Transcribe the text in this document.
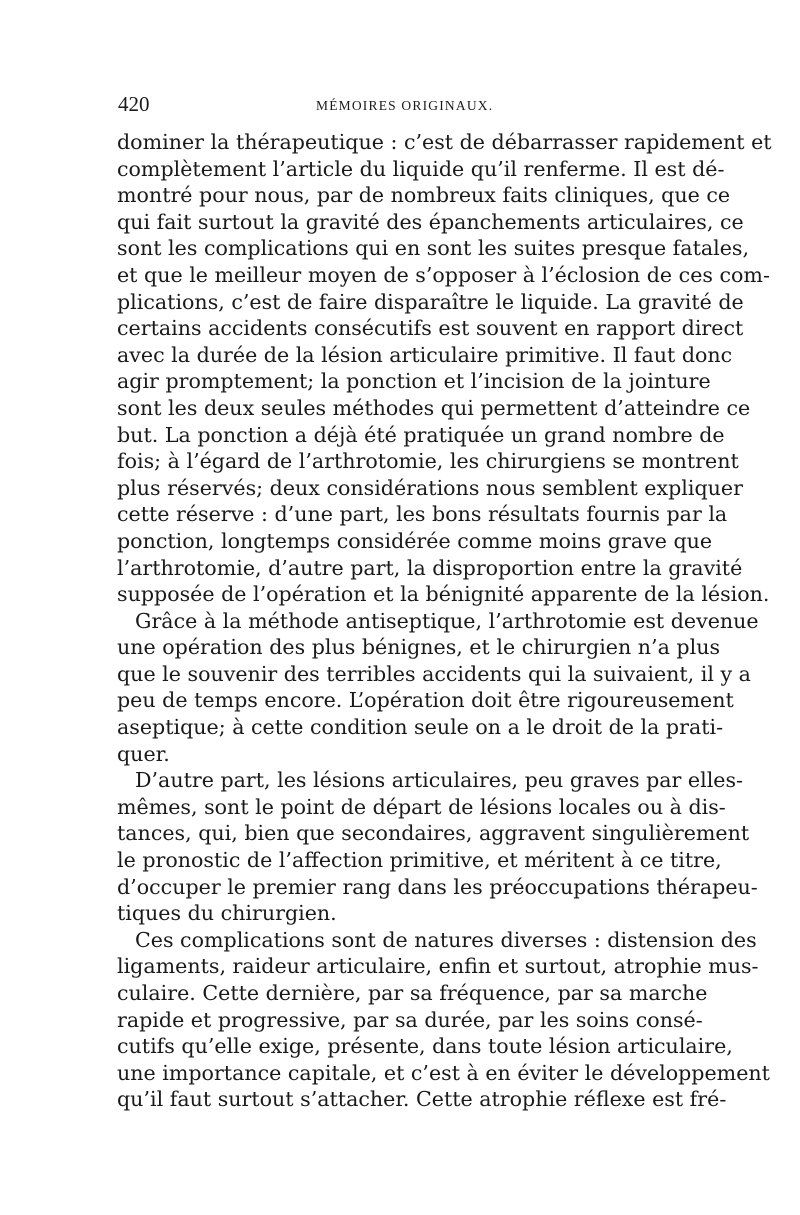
420	MÉMOIRES ORIGINAUX.

dominer la thérapeutique : c’est de débarrasser rapidement et
complètement l’article du liquide qu’il renferme. Il est dé-
montré pour nous, par de nombreux faits cliniques, que ce
qui fait surtout la gravité des épanchements articulaires, ce
sont les complications qui en sont les suites presque fatales,
et que le meilleur moyen de s’opposer à l’éclosion de ces com-
plications, c’est de faire disparaître le liquide. La gravité de
certains accidents consécutifs est souvent en rapport direct
avec la durée de la lésion articulaire primitive. Il faut donc
agir promptement; la ponction et l’incision de la jointure
sont les deux seules méthodes qui permettent d’atteindre ce
but. La ponction a déjà été pratiquée un grand nombre de
fois; à l’égard de l’arthrotomie, les chirurgiens se montrent
plus réservés; deux considérations nous semblent expliquer
cette réserve : d’une part, les bons résultats fournis par la
ponction, longtemps considérée comme moins grave que
l’arthrotomie, d’autre part, la disproportion entre la gravité
supposée de l’opération et la bénignité apparente de la lésion.

Grâce à la méthode antiseptique, l’arthrotomie est devenue
une opération des plus bénignes, et le chirurgien n’a plus
que le souvenir des terribles accidents qui la suivaient, il y a
peu de temps encore. L’opération doit être rigoureusement
aseptique; à cette condition seule on a le droit de la prati-
quer.

D’autre part, les lésions articulaires, peu graves par elles-
mêmes, sont le point de départ de lésions locales ou à dis-
tances, qui, bien que secondaires, aggravent singulièrement
le pronostic de l’affection primitive, et méritent à ce titre,
d’occuper le premier rang dans les préoccupations thérapeu-
tiques du chirurgien.

Ces complications sont de natures diverses : distension des
ligaments, raideur articulaire, enfin et surtout, atrophie mus-
culaire. Cette dernière, par sa fréquence, par sa marche
rapide et progressive, par sa durée, par les soins consé-
cutifs qu’elle exige, présente, dans toute lésion articulaire,
une importance capitale, et c’est à en éviter le développement
qu’il faut surtout s’attacher. Cette atrophie réflexe est fré-
